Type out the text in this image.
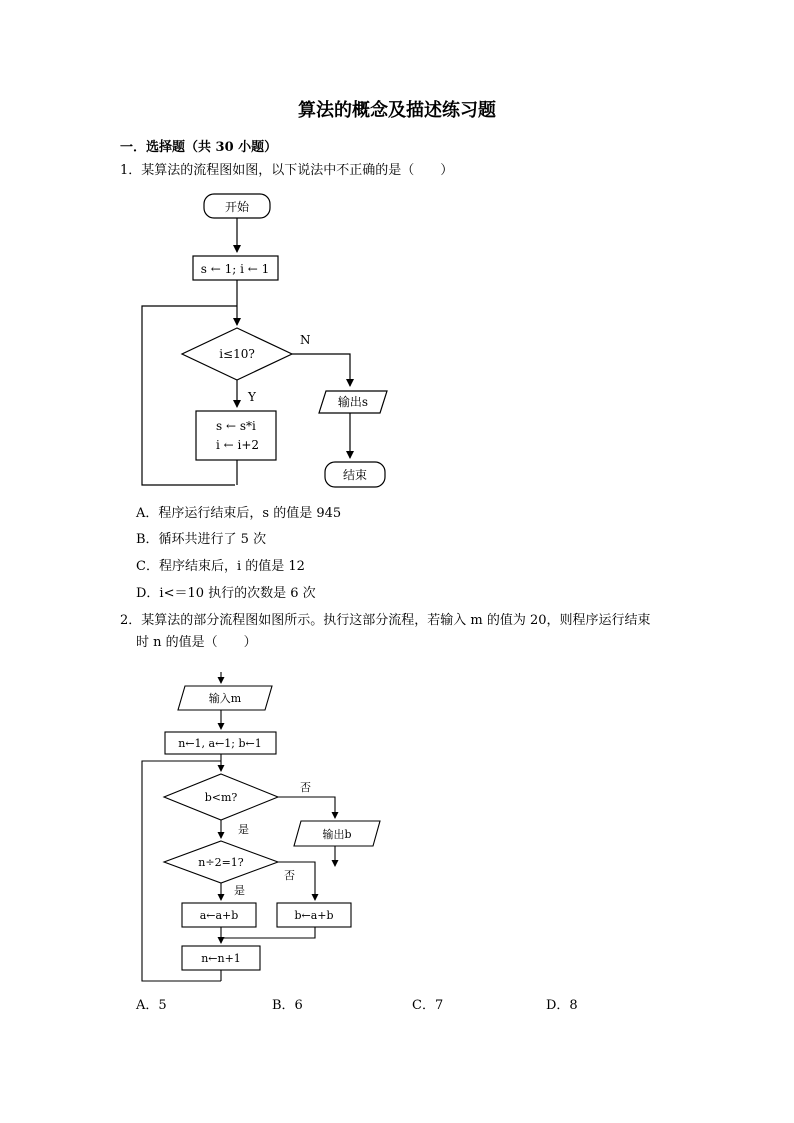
算法的概念及描述练习题
一．选择题（共 30 小题）
1．某算法的流程图如图，以下说法中不正确的是（　　）
开始
s ← 1; i ← 1
i≤10?
N
Y	输出s
s ← s*i
i ← i+2
结束
A．程序运行结束后，s 的值是 945
B．循环共进行了 5 次
C．程序结束后，i 的值是 12
D．i<＝10 执行的次数是 6 次
2．某算法的部分流程图如图所示。执行这部分流程，若输入 m 的值为 20，则程序运行结束
时 n 的值是（　　）
输入m
n←1, a←1; b←1
b<m?
否
是	输出b
n÷2=1?
是
否
a←a+b	b←a+b
n←n+1
A．5	B．6	C．7	D．8
